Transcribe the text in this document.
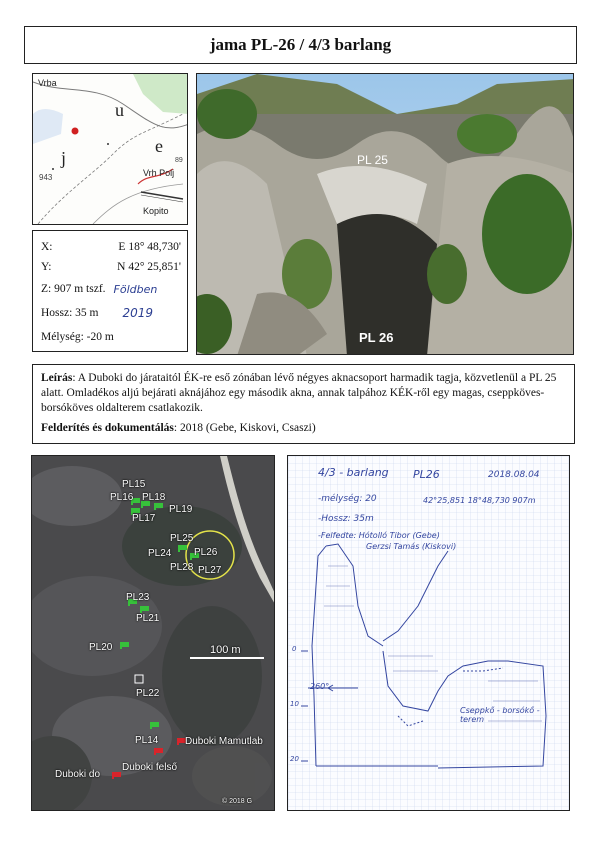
jama PL-26 / 4/3 barlang
Vrba
j
u
e
943	Vrh Polj
89
Kopito
X:	E 18° 48,730'
Y:	N 42° 25,851'
Z: 907 m tszf. Földben
Hossz: 35 m 2019
Mélység: -20 m
PL 25
PL 26

Leírás: A Duboki do járataitól ÉK-re eső zónában lévő négyes aknacsoport harmadik tagja, közvetlenül a PL 25 alatt. Omladékos aljú bejárati aknájához egy második akna, annak talpához KÉK-ről egy magas, cseppköves-borsóköves oldalterem csatlakozik.

Felderítés és dokumentálás: 2018 (Gebe, Kiskovi, Csaszi)

PL15
PL16 PL18
PL17
PL19
PL25
PL24 PL26
PL28 PL27
PL23
PL21
PL20
PL22
PL14	Duboki Mamutlab
Duboki felső
Duboki do
100 m
© 2018 G
4/3 - barlang PL26	2018.08.04
-mélység: 20	42°25,851 18°48,730 907m
-Hossz: 35m
-Felfedte: Hótolló Tibor (Gebe)
Gerzsi Tamás (Kiskovi)
260°
Cseppkő - borsókő - terem
0
10
20
